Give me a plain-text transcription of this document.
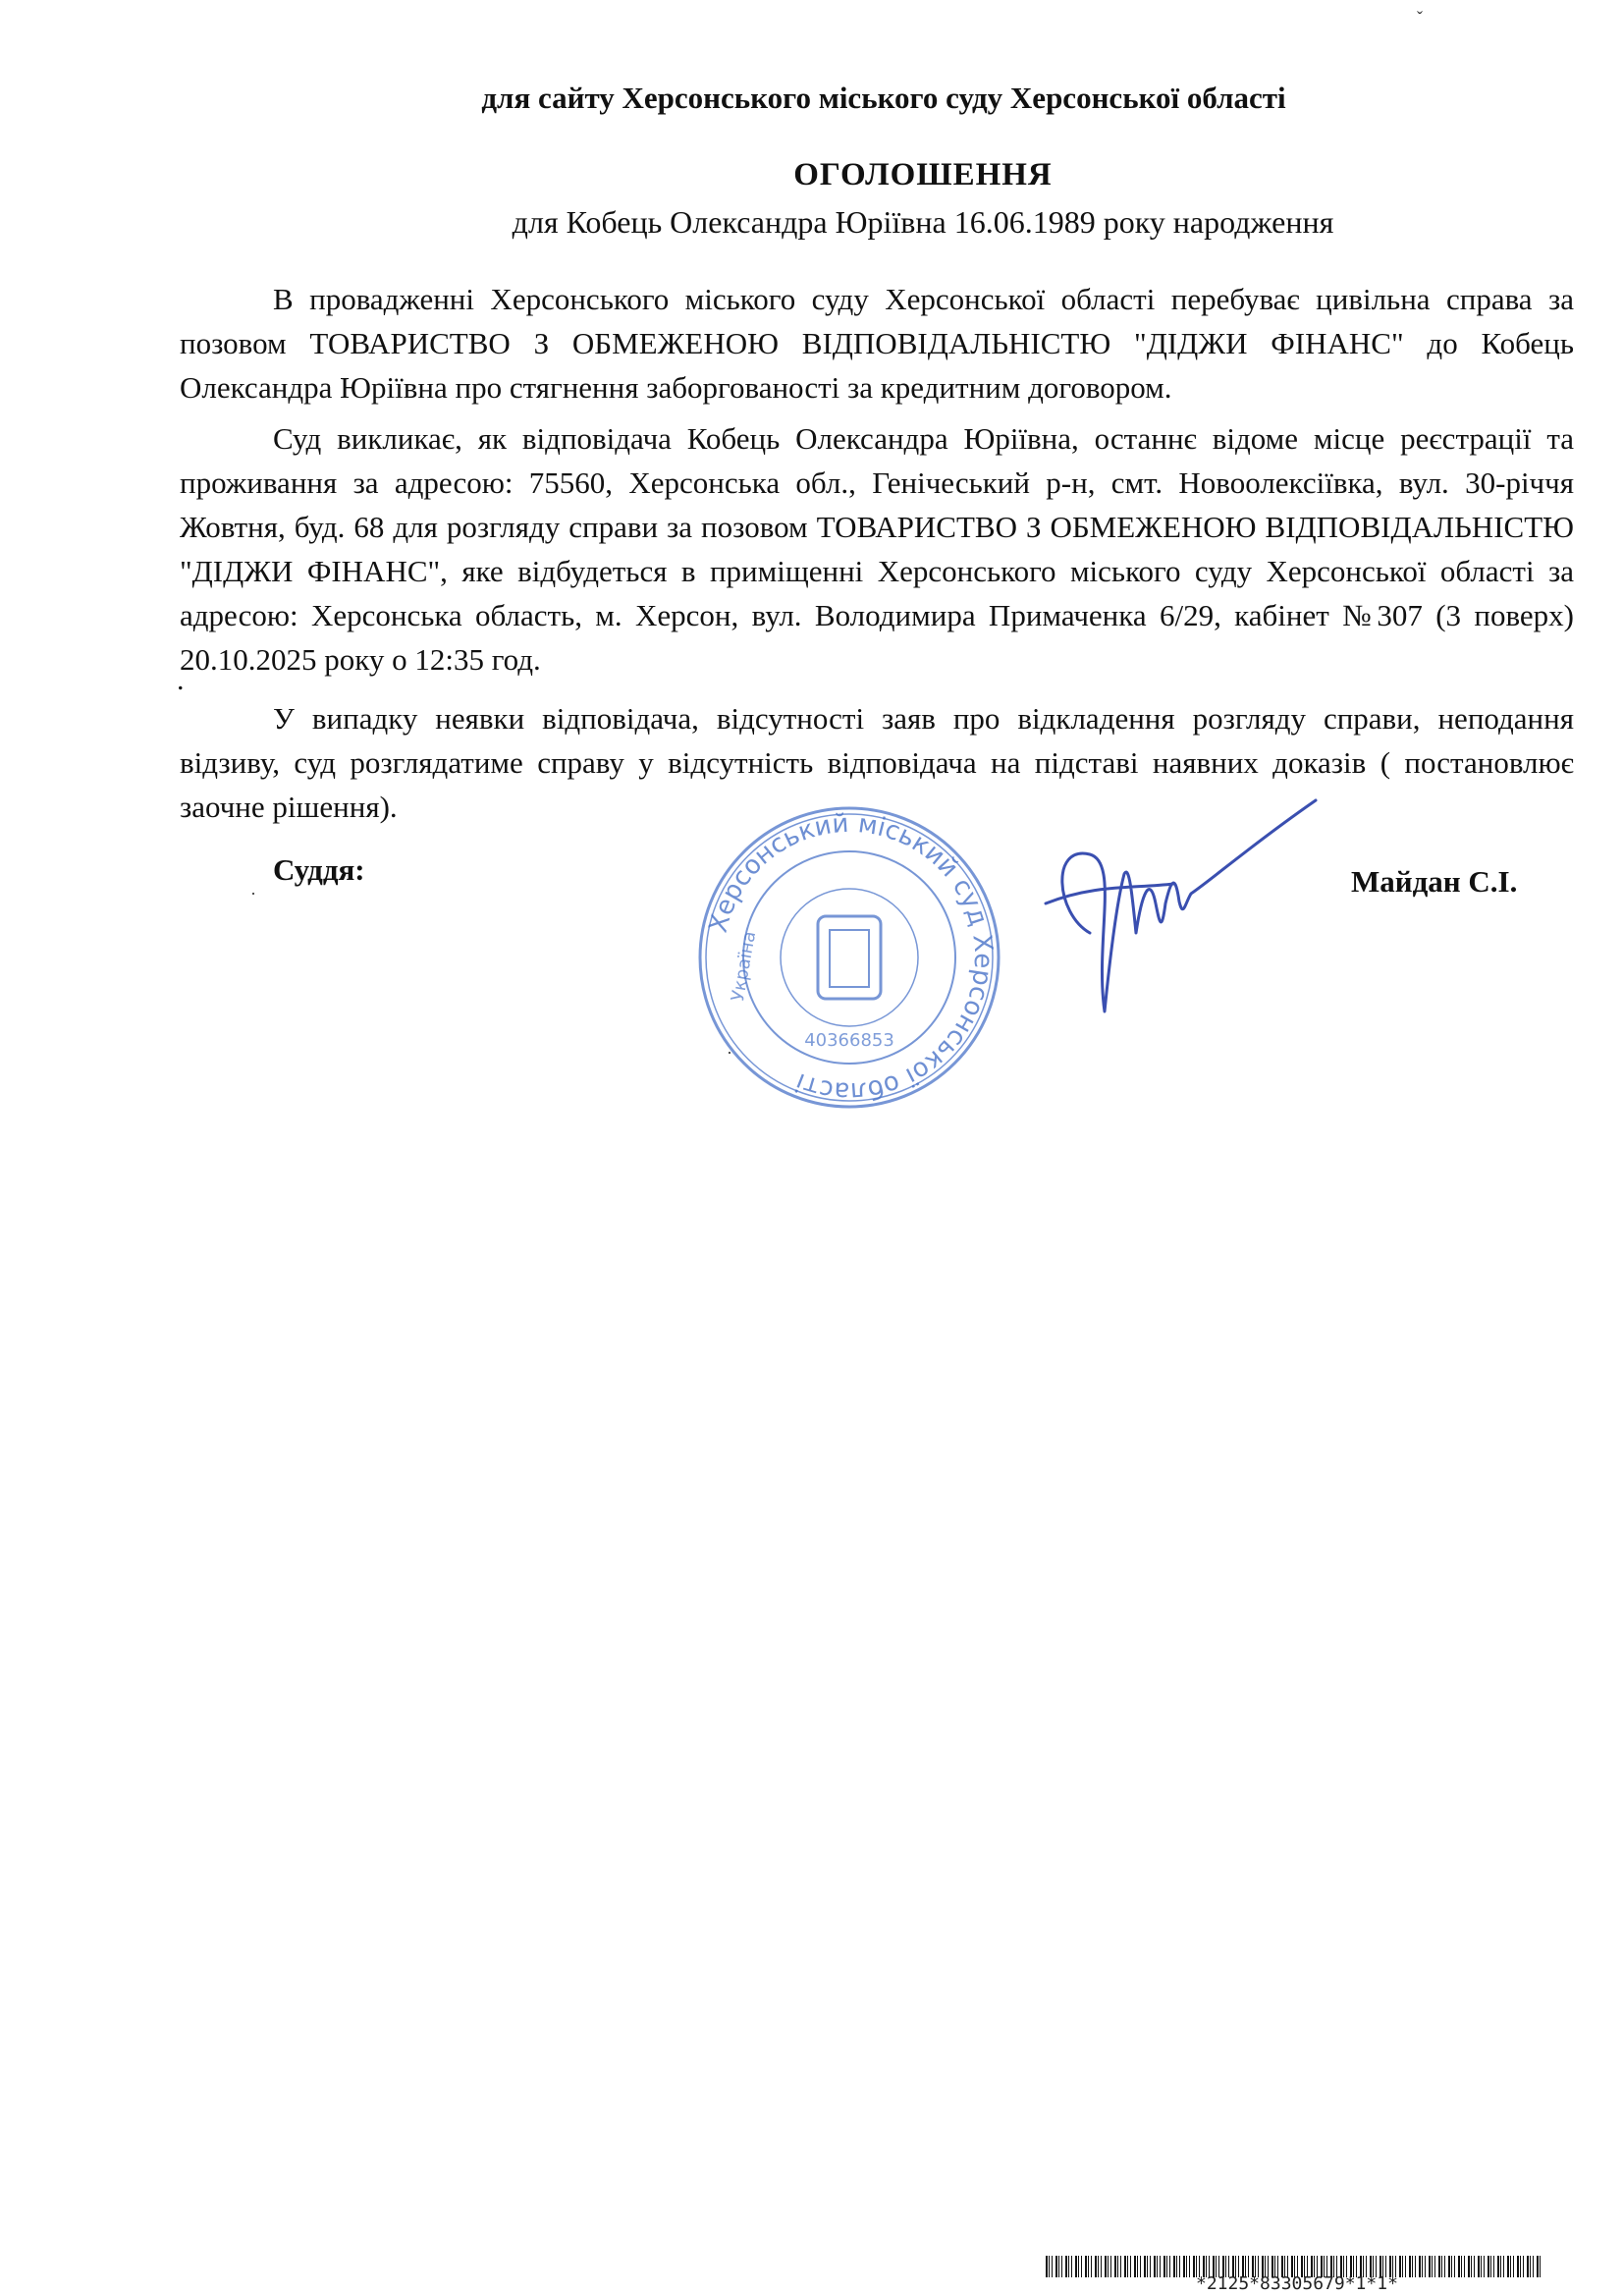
для сайту Херсонського міського суду Херсонської області
ОГОЛОШЕННЯ
для Кобець Олександра Юріївна 16.06.1989 року народження

В провадженні Херсонського міського суду Херсонської області перебуває цивільна справа за позовом ТОВАРИСТВО З ОБМЕЖЕНОЮ ВІДПОВІДАЛЬНІСТЮ "ДІДЖИ ФІНАНС" до Кобець Олександра Юріївна про стягнення заборгованості за кредитним договором.

Суд викликає, як відповідача Кобець Олександра Юріївна, останнє відоме місце реєстрації та проживання за адресою: 75560, Херсонська обл., Генічеський р-н, смт. Новоолексіївка, вул. 30-річчя Жовтня, буд. 68 для розгляду справи за позовом ТОВАРИСТВО З ОБМЕЖЕНОЮ ВІДПОВІДАЛЬНІСТЮ "ДІДЖИ ФІНАНС", яке відбудеться в приміщенні Херсонського міського суду Херсонської області за адресою: Херсонська область, м. Херсон, вул. Володимира Примаченка 6/29, кабінет №307 (3 поверх) 20.10.2025 року о 12:35 год.

.

У випадку неявки відповідача, відсутності заяв про відкладення розгляду справи, неподання відзиву, суд розглядатиме справу у відсутність відповідача на підставі наявних доказів ( постановлює заочне рішення).

Суддя:
Херсонський міський суд Херсонської області
40366853
Україна
Майдан С.І.
ˇ
·
·
*2125*83305679*1*1*
